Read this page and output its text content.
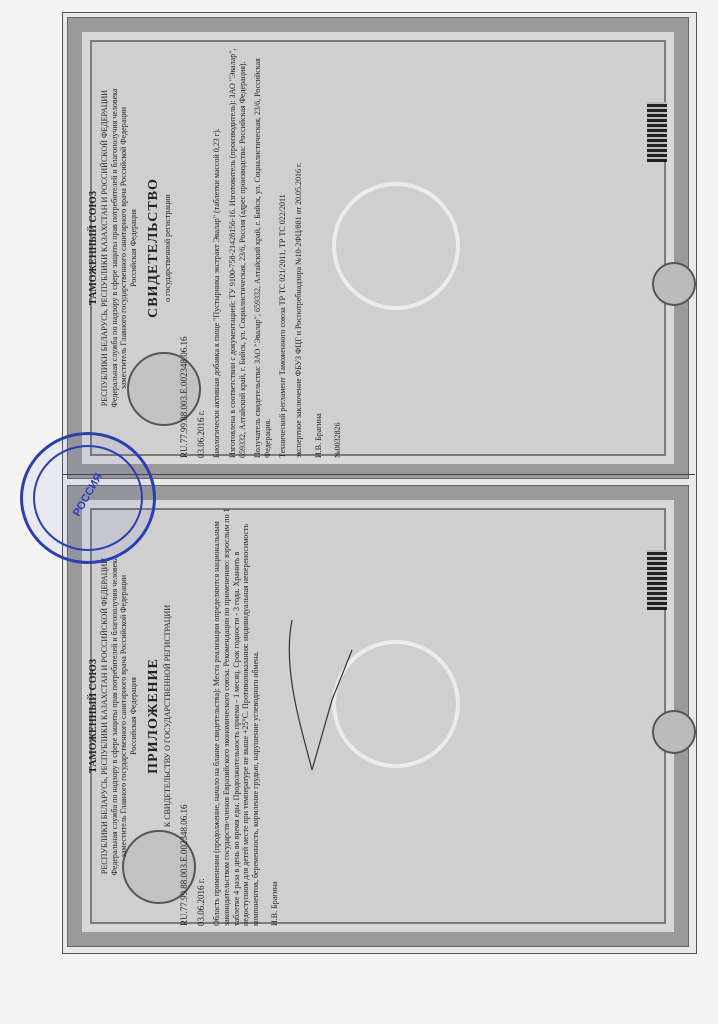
ТАМОЖЕННЫЙ СОЮЗ РЕСПУБЛИКИ БЕЛАРУСЬ, РЕСПУБЛИКИ КАЗАХСТАН И РОССИЙСКОЙ ФЕДЕРАЦИИ Федеральная служба по надзору в сфере защиты прав потребителей и благополучия человека заместитель Главного государственного санитарного врача Российской Федерации Российская Федерация СВИДЕТЕЛЬСТВО о государственной регистрации
RU.77.99.88.003.Е.002348.06.16 03.06.2016 г. Биологически активная добавка к пище "Пустырника экстракт Эвалар" (таблетки массой 0,23 г). Изготовлена в соответствии с документацией: ТУ 9100-758-21428156-16. Изготовитель (производитель): ЗАО "Эвалар", 659332, Алтайский край, г. Бийск, ул. Социалистическая, 23/6, Россия (адрес производства: Российская Федерация). Получатель свидетельства: ЗАО "Эвалар", 659332, Алтайский край, г. Бийск, ул. Социалистическая, 23/6, Российская Федерация. Технический регламент Таможенного союза ТР ТС 021/2011, ТР ТС 022/2011 экспертное заключение ФБУЗ ФЦГ и Роспотребнадзора №10-2ФЦ/881 от 20.05.2016 г. И.В. Брагина №0032826
ТАМОЖЕННЫЙ СОЮЗ РЕСПУБЛИКИ БЕЛАРУСЬ, РЕСПУБЛИКИ КАЗАХСТАН И РОССИЙСКОЙ ФЕДЕРАЦИИ Федеральная служба по надзору в сфере защиты прав потребителей и благополучия человека заместитель Главного государственного санитарного врача Российской Федерации Российская Федерация ПРИЛОЖЕНИЕ К СВИДЕТЕЛЬСТВУ О ГОСУДАРСТВЕННОЙ РЕГИСТРАЦИИ
RU.77.99.88.003.Е.002348.06.16 03.06.2016 г. Область применения (продолжение, начало на бланке свидетельства): Места реализации определяются национальным законодательством государств-членов Евразийского экономического союза. Рекомендации по применению: взрослым по 1 таблетке 4 раза в день во время еды. Продолжительность приема - 1 месяц. Срок годности - 3 года. Хранить в недоступном для детей месте при температуре не выше +25°С. Противопоказания: индивидуальная непереносимость компонентов, беременность, кормление грудью, нарушение углеводного обмена. И.В. Брагина
РОССИЯ
